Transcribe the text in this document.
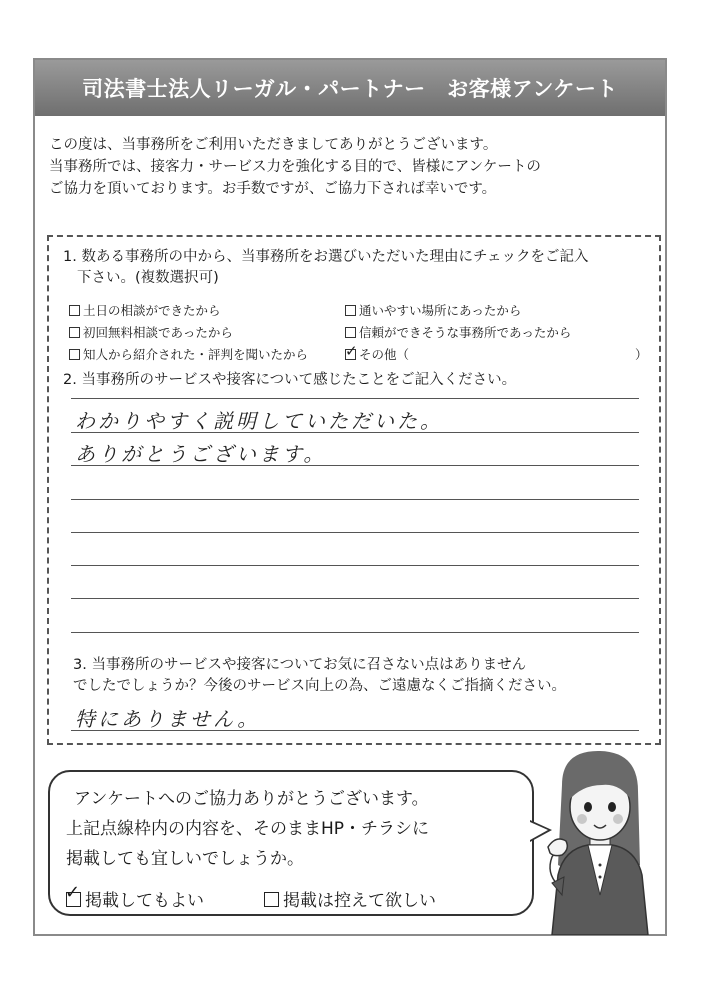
司法書士法人リーガル・パートナー　お客様アンケート
この度は、当事務所をご利用いただきましてありがとうございます。
当事務所では、接客力・サービス力を強化する目的で、皆様にアンケートの
ご協力を頂いております。お手数ですが、ご協力下されば幸いです。
1. 数ある事務所の中から、当事務所をお選びいただいた理由にチェックをご記入
下さい。(複数選択可)
土日の相談ができたから	通いやすい場所にあったから
初回無料相談であったから	信頼ができそうな事務所であったから
知人から紹介された・評判を聞いたから ✓ その他（	）
2. 当事務所のサービスや接客について感じたことをご記入ください。
わかりやすく説明していただいた。
ありがとうございます。
3. 当事務所のサービスや接客についてお気に召さない点はありません
でしたでしょうか？今後のサービス向上の為、ご遠慮なくご指摘ください。
特にありません。
アンケートへのご協力ありがとうございます。
上記点線枠内の内容を、そのままHP・チラシに
掲載しても宜しいでしょうか。
✓ 掲載してもよい	掲載は控えて欲しい
